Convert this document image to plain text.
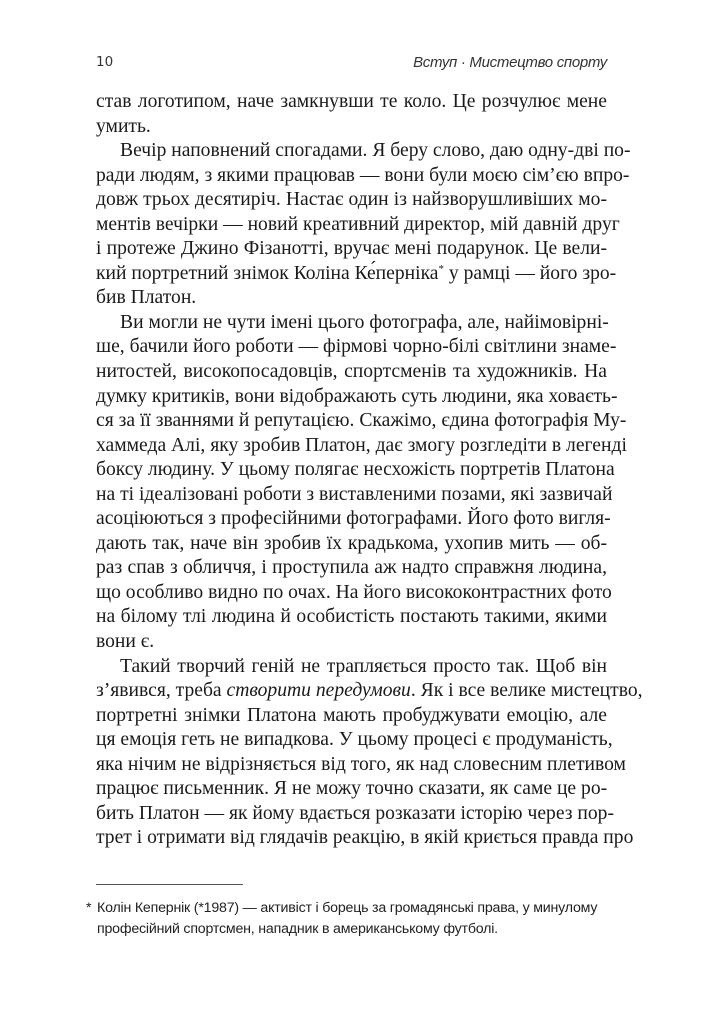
10	Вступ · Мистецтво спорту
став логотипом, наче замкнувши те коло. Це розчулює мене
умить.
Вечір наповнений спогадами. Я беру слово, даю одну-дві по-
ради людям, з якими працював — вони були моєю сім’єю впро-
довж трьох десятиріч. Настає один із найзворушливіших мо-
ментів вечірки — новий креативний директор, мій давній друг
і протеже Джино Фізанотті, вручає мені подарунок. Це вели-
кий портретний знімок Коліна Ке́перніка* у рамці — його зро-
бив Платон.
Ви могли не чути імені цього фотографа, але, найімовірні-
ше, бачили його роботи — фірмові чорно-білі світлини знаме-
нитостей, високопосадовців, спортсменів та художників. На
думку критиків, вони відображають суть людини, яка ховаєть-
ся за її званнями й репутацією. Скажімо, єдина фотографія Му-
хаммеда Алі, яку зробив Платон, дає змогу розгледіти в легенді
боксу людину. У цьому полягає несхожість портретів Платона
на ті ідеалізовані роботи з виставленими позами, які зазвичай
асоціюються з професійними фотографами. Його фото вигля-
дають так, наче він зробив їх крадькома, ухопив мить — об-
раз спав з обличчя, і проступила аж надто справжня людина,
що особливо видно по очах. На його висококонтрастних фото
на білому тлі людина й особистість постають такими, якими
вони є.
Такий творчий геній не трапляється просто так. Щоб він
з’явився, треба створити передумови. Як і все велике мистецтво,
портретні знімки Платона мають пробуджувати емоцію, але
ця емоція геть не випадкова. У цьому процесі є продуманість,
яка нічим не відрізняється від того, як над словесним плетивом
працює письменник. Я не можу точно сказати, як саме це ро-
бить Платон — як йому вдається розказати історію через пор-
трет і отримати від глядачів реакцію, в якій криється правда про
* Колін Кепернік (*1987) — активіст і борець за громадянські права, у минулому
професійний спортсмен, нападник в американському футболі.
